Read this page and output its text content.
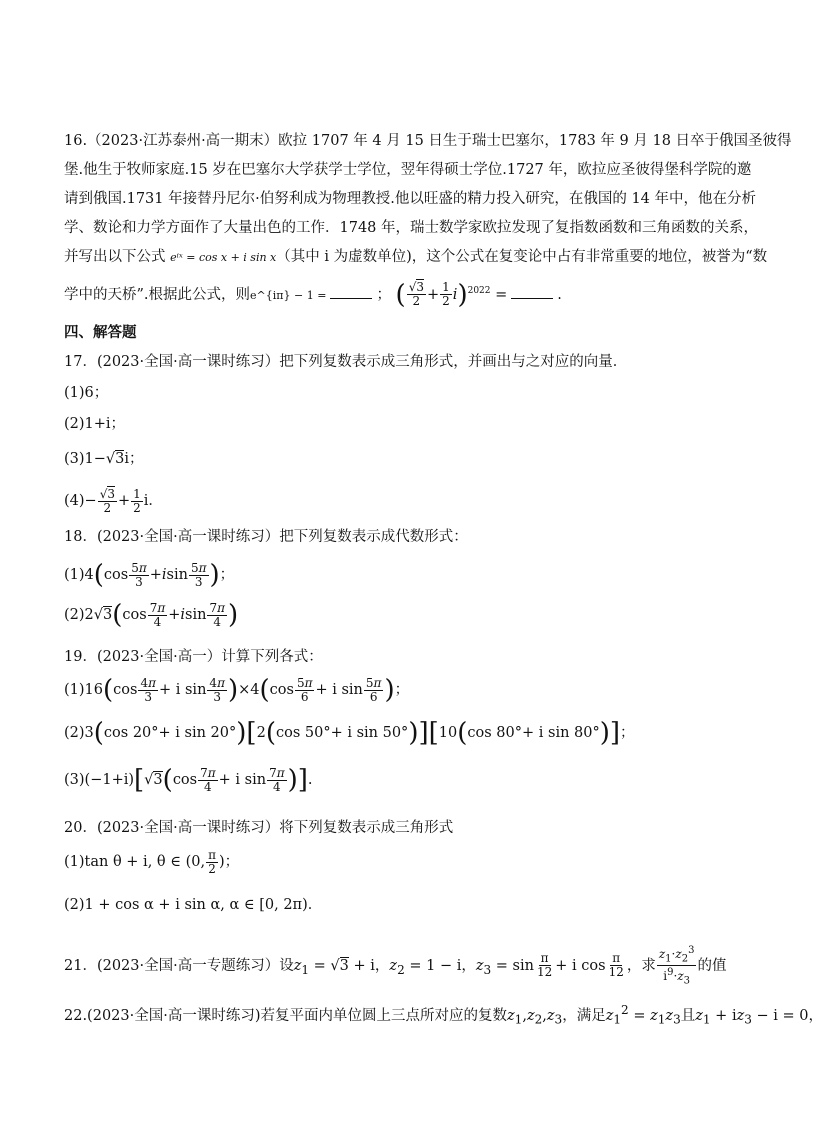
16.（2023·江苏泰州·高一期末）欧拉 1707 年 4 月 15 日生于瑞士巴塞尔，1783 年 9 月 18 日卒于俄国圣彼得
堡.他生于牧师家庭.15 岁在巴塞尔大学获学士学位，翌年得硕士学位.1727 年，欧拉应圣彼得堡科学院的邀
请到俄国.1731 年接替丹尼尔·伯努利成为物理教授.他以旺盛的精力投入研究，在俄国的 14 年中，他在分析
学、数论和力学方面作了大量出色的工作．1748 年，瑞士数学家欧拉发现了复指数函数和三角函数的关系，
并写出以下公式 eⁱˣ = cos x + i sin x（其中 i 为虚数单位)，这个公式在复变论中占有非常重要的地位，被誉为“数
学中的天桥”.根据此公式，则e^{iπ} − 1 =	； ( $\frac{√3}{2} + \frac{1}{2} i)^{2022}$ =	.
四、解答题
17．(2023·全国·高一课时练习）把下列复数表示成三角形式，并画出与之对应的向量．
(1)6；
(2)1+i；
(3)1−√3i；
$(4)- \frac{√3}{2} + \frac{1}{2}$ i．
18．(2023·全国·高一课时练习）把下列复数表示成代数形式：
$(1)4(\cos \frac{5\pi}{3} +isin \frac{5\pi}{3}$ )；
$(2)2√3(\cos \frac{7\pi}{4} +isin \frac{7\pi}{4}$ )
19．(2023·全国·高一）计算下列各式：
$(1)16(\cos \frac{4\pi}{3} + i$ $\sin \frac{4\pi}{3} )\times 4(\cos \frac{5\pi}{6} + i$ $\sin \frac{5\pi}{6}$ )；
(2)3(cos 20°+ i sin 20°)[2(cos 50°+ i sin 50°)][10(cos 80°+ i sin 80°)]；
$(3)(-1+i)[√3(\cos \frac{7\pi}{4} + i$ $\sin \frac{7\pi}{4}$ )].
20．(2023·全国·高一课时练习）将下列复数表示成三角形式
(1)tan θ + i, θ ∈ (0, $\frac{\pi}{2}$ )；
(2)1 + cos α + i sin α, α ∈ [0, 2π)．
21．(2023·全国·高一专题练习）设$z_1 = √3 + i$，$z_2 = 1 - i$，$z_3 = \sin \frac{\pi}{12} + i$ $\cos \frac{\pi}{12}$ ，求 $\frac{z_1\cdot z_2^3}{i^9\cdot z_3}$ 的值
22.(2023·全国·高一课时练习)若复平面内单位圆上三点所对应的复数$z_1,z_2,z_3$，满足$z_1^2 = z_1z_3$且$z_1 + iz_3 - i = 0$，
